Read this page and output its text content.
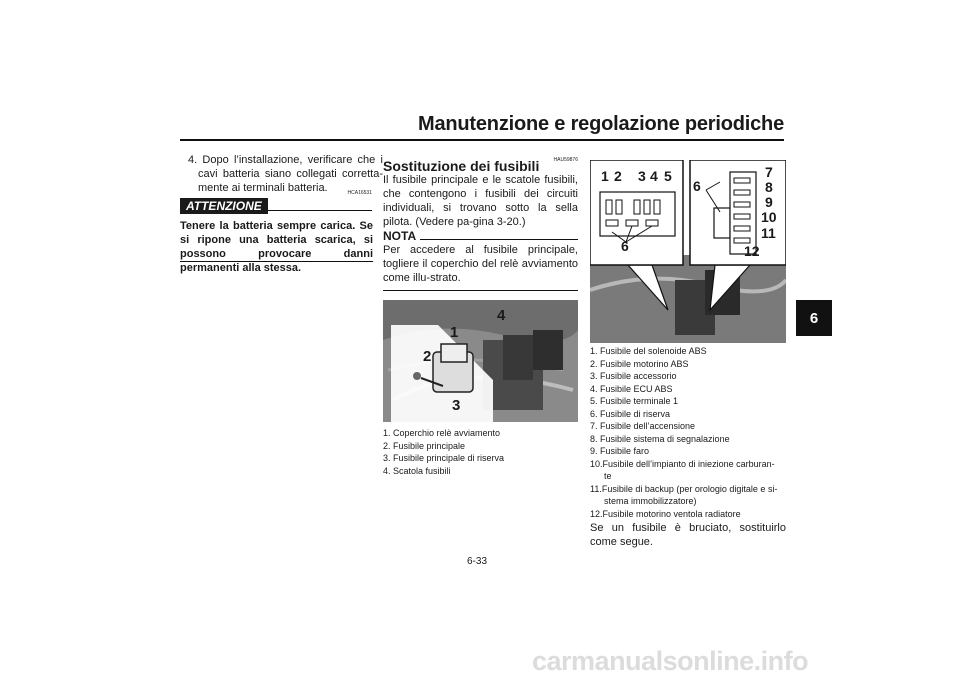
Manutenzione e regolazione periodiche
6
4. Dopo l’installazione, verificare che i cavi batteria siano collegati corretta-mente ai terminali batteria.	HCA16531
ATTENZIONE
Tenere la batteria sempre carica. Se si ripone una batteria scarica, si possono provocare danni permanenti alla stessa.
HAU59876
Sostituzione dei fusibili
Il fusibile principale e le scatole fusibili, che contengono i fusibili dei circuiti individuali, si trovano sotto la sella pilota. (Vedere pa-gina 3-20.)
NOTA
Per accedere al fusibile principale, togliere il coperchio del relè avviamento come illu-strato.
1
2
3
4
1. Coperchio relè avviamento
2. Fusibile principale
3. Fusibile principale di riserva
4. Scatola fusibili
1 2 3 4 5
6
6
7
8
9
10
11
12
1. Fusibile del solenoide ABS
2. Fusibile motorino ABS
3. Fusibile accessorio
4. Fusibile ECU ABS
5. Fusibile terminale 1
6. Fusibile di riserva
7. Fusibile dell’accensione
8. Fusibile sistema di segnalazione
9. Fusibile faro
10.Fusibile dell’impianto di iniezione carburan-
te
11.Fusibile di backup (per orologio digitale e si-
stema immobilizzatore)
12.Fusibile motorino ventola radiatore
Se un fusibile è bruciato, sostituirlo come segue.
6-33
carmanualsonline.info
